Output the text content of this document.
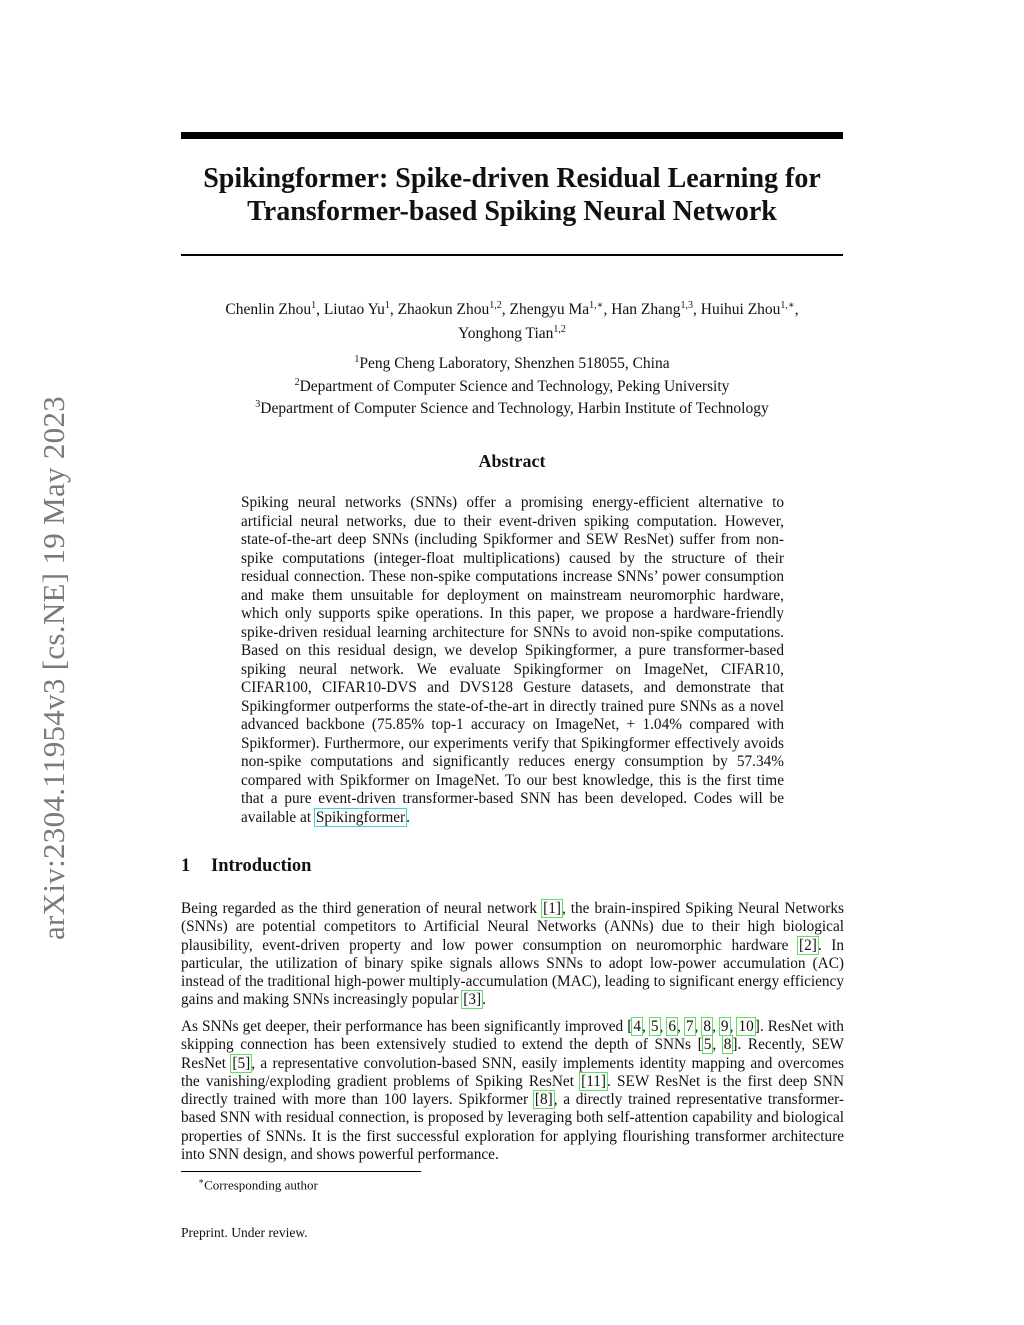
arXiv:2304.11954v3 [cs.NE] 19 May 2023
Spikingformer: Spike-driven Residual Learning for
Transformer-based Spiking Neural Network
Chenlin Zhou$^1$, Liutao Yu$^1$, Zhaokun Zhou$^{1,2}$, Zhengyu $Ma^{1,∗}$, Han Zhang$^{1,3}$, Huihui Zhou$^{1,∗}$,
Yonghong Tian$^{1,2}$
$^1$Peng Cheng Laboratory, Shenzhen 518055, China
$^2$Department of Computer Science and Technology, Peking University
$^3$Department of Computer Science and Technology, Harbin Institute of Technology
Abstract
Spiking neural networks (SNNs) offer a promising energy-efficient alternative to artificial neural networks, due to their event-driven spiking computation. However, state-of-the-art deep SNNs (including Spikformer and SEW ResNet) suffer from non-spike computations (integer-float multiplications) caused by the structure of their residual connection. These non-spike computations increase SNNs’ power consumption and make them unsuitable for deployment on mainstream neuromorphic hardware, which only supports spike operations. In this paper, we propose a hardware-friendly spike-driven residual learning architecture for SNNs to avoid non-spike computations. Based on this residual design, we develop Spikingformer, a pure transformer-based spiking neural network. We evaluate Spikingformer on ImageNet, CIFAR10, CIFAR100, CIFAR10-DVS and DVS128 Gesture datasets, and demonstrate that Spikingformer outperforms the state-of-the-art in directly trained pure SNNs as a novel advanced backbone (75.85% top-1 accuracy on ImageNet, + 1.04% compared with Spikformer). Furthermore, our experiments verify that Spikingformer effectively avoids non-spike computations and significantly reduces energy consumption by 57.34% compared with Spikformer on ImageNet. To our best knowledge, this is the first time that a pure event-driven transformer-based SNN has been developed. Codes will be available at Spikingformer.
1 Introduction
Being regarded as the third generation of neural network [1], the brain-inspired Spiking Neural Networks (SNNs) are potential competitors to Artificial Neural Networks (ANNs) due to their high biological plausibility, event-driven property and low power consumption on neuromorphic hardware [2]. In particular, the utilization of binary spike signals allows SNNs to adopt low-power accumulation (AC) instead of the traditional high-power multiply-accumulation (MAC), leading to significant energy efficiency gains and making SNNs increasingly popular [3].
As SNNs get deeper, their performance has been significantly improved [4, 5, 6, 7, 8, 9, 10]. ResNet with skipping connection has been extensively studied to extend the depth of SNNs [5, 8]. Recently, SEW ResNet [5], a representative convolution-based SNN, easily implements identity mapping and overcomes the vanishing/exploding gradient problems of Spiking ResNet [11]. SEW ResNet is the first deep SNN directly trained with more than 100 layers. Spikformer [8], a directly trained representative transformer-based SNN with residual connection, is proposed by leveraging both self-attention capability and biological properties of SNNs. It is the first successful exploration for applying flourishing transformer architecture into SNN design, and shows powerful performance.
∗Corresponding author
Preprint. Under review.
